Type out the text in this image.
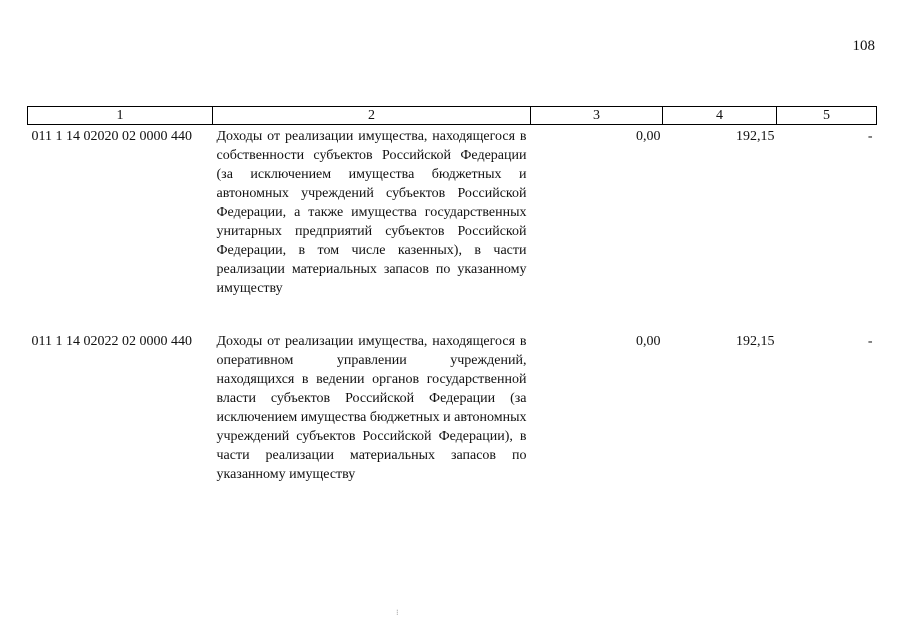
108
1	2	3	4	5
011 1 14 02020 02 0000 440	Доходы от реализации имущества, находящегося в собственности субъектов Российской Федерации (за исключением имущества бюджетных и автономных учреждений субъектов Российской Федерации, а также имущества государственных унитарных предприятий субъектов Российской Федерации, в том числе казенных), в части реализации материальных запасов по указанному имуществу	0,00	192,15	-
011 1 14 02022 02 0000 440	Доходы от реализации имущества, находящегося в оперативном управлении учреждений, находящихся в ведении органов государственной власти субъектов Российской Федерации (за исключением имущества бюджетных и автономных учреждений субъектов Российской Федерации), в части реализации материальных запасов по указанному имуществу	0,00	192,15	-
⁝
